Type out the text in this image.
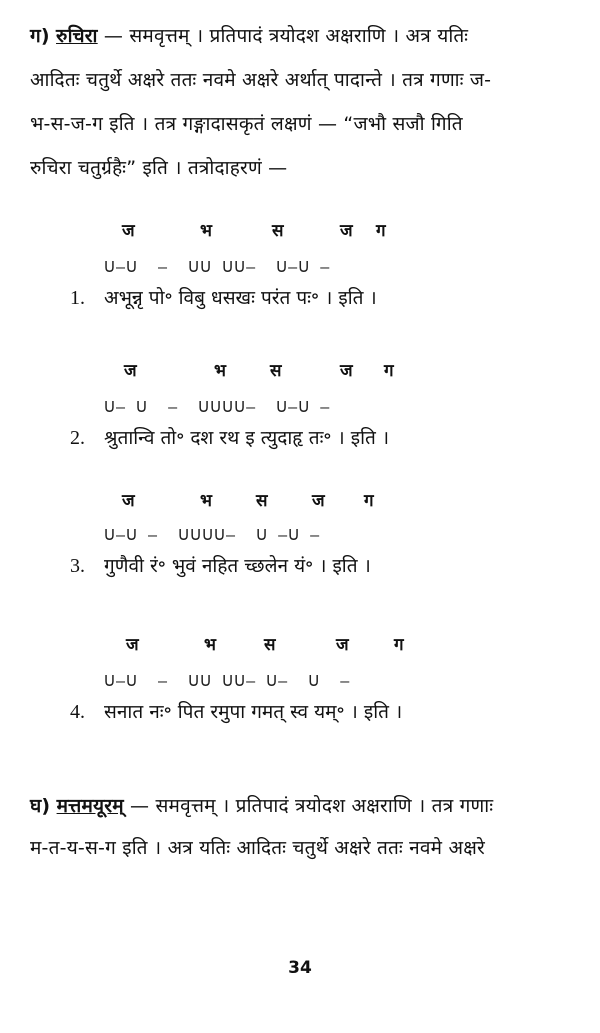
ग) रुचिरा — समवृत्तम् । प्रतिपादं त्रयोदश अक्षराणि । अत्र यतिः
आदितः चतुर्थे अक्षरे ततः नवमे अक्षरे अर्थात् पादान्ते । तत्र गणाः ज-
भ-स-ज-ग इति । तत्र गङ्गादासकृतं लक्षणं — “जभौ सजौ गिति
रुचिरा चतुर्ग्रहैः” इति । तत्रोदाहरणं —
ज	भ	स	ज ग
ᑌ–ᑌ  –  ᑌᑌ ᑌᑌ–  ᑌ–ᑌ –
1. अभून्नृ पो॰ विबु धसखः परंत पः॰ । इति ।
ज	भ	स	ज ग
ᑌ– ᑌ  –  ᑌᑌᑌᑌ–  ᑌ–ᑌ –
2. श्रुतान्वि तो॰ दश रथ इ त्युदाहृ तः॰ । इति ।
ज	भ	स	ज ग
ᑌ–ᑌ –  ᑌᑌᑌᑌ–  ᑌ –ᑌ –
3. गुणैवी रं॰ भुवं नहित च्छलेन यं॰ । इति ।
ज	भ	स	ज	ग
ᑌ–ᑌ  –  ᑌᑌ ᑌᑌ– ᑌ–  ᑌ  –
4. सनात नः॰ पित रमुपा गमत् स्व यम्॰ । इति ।
घ) मत्तमयूरम् — समवृत्तम् । प्रतिपादं त्रयोदश अक्षराणि । तत्र गणाः
म-त-य-स-ग इति । अत्र यतिः आदितः चतुर्थे अक्षरे ततः नवमे अक्षरे
34
